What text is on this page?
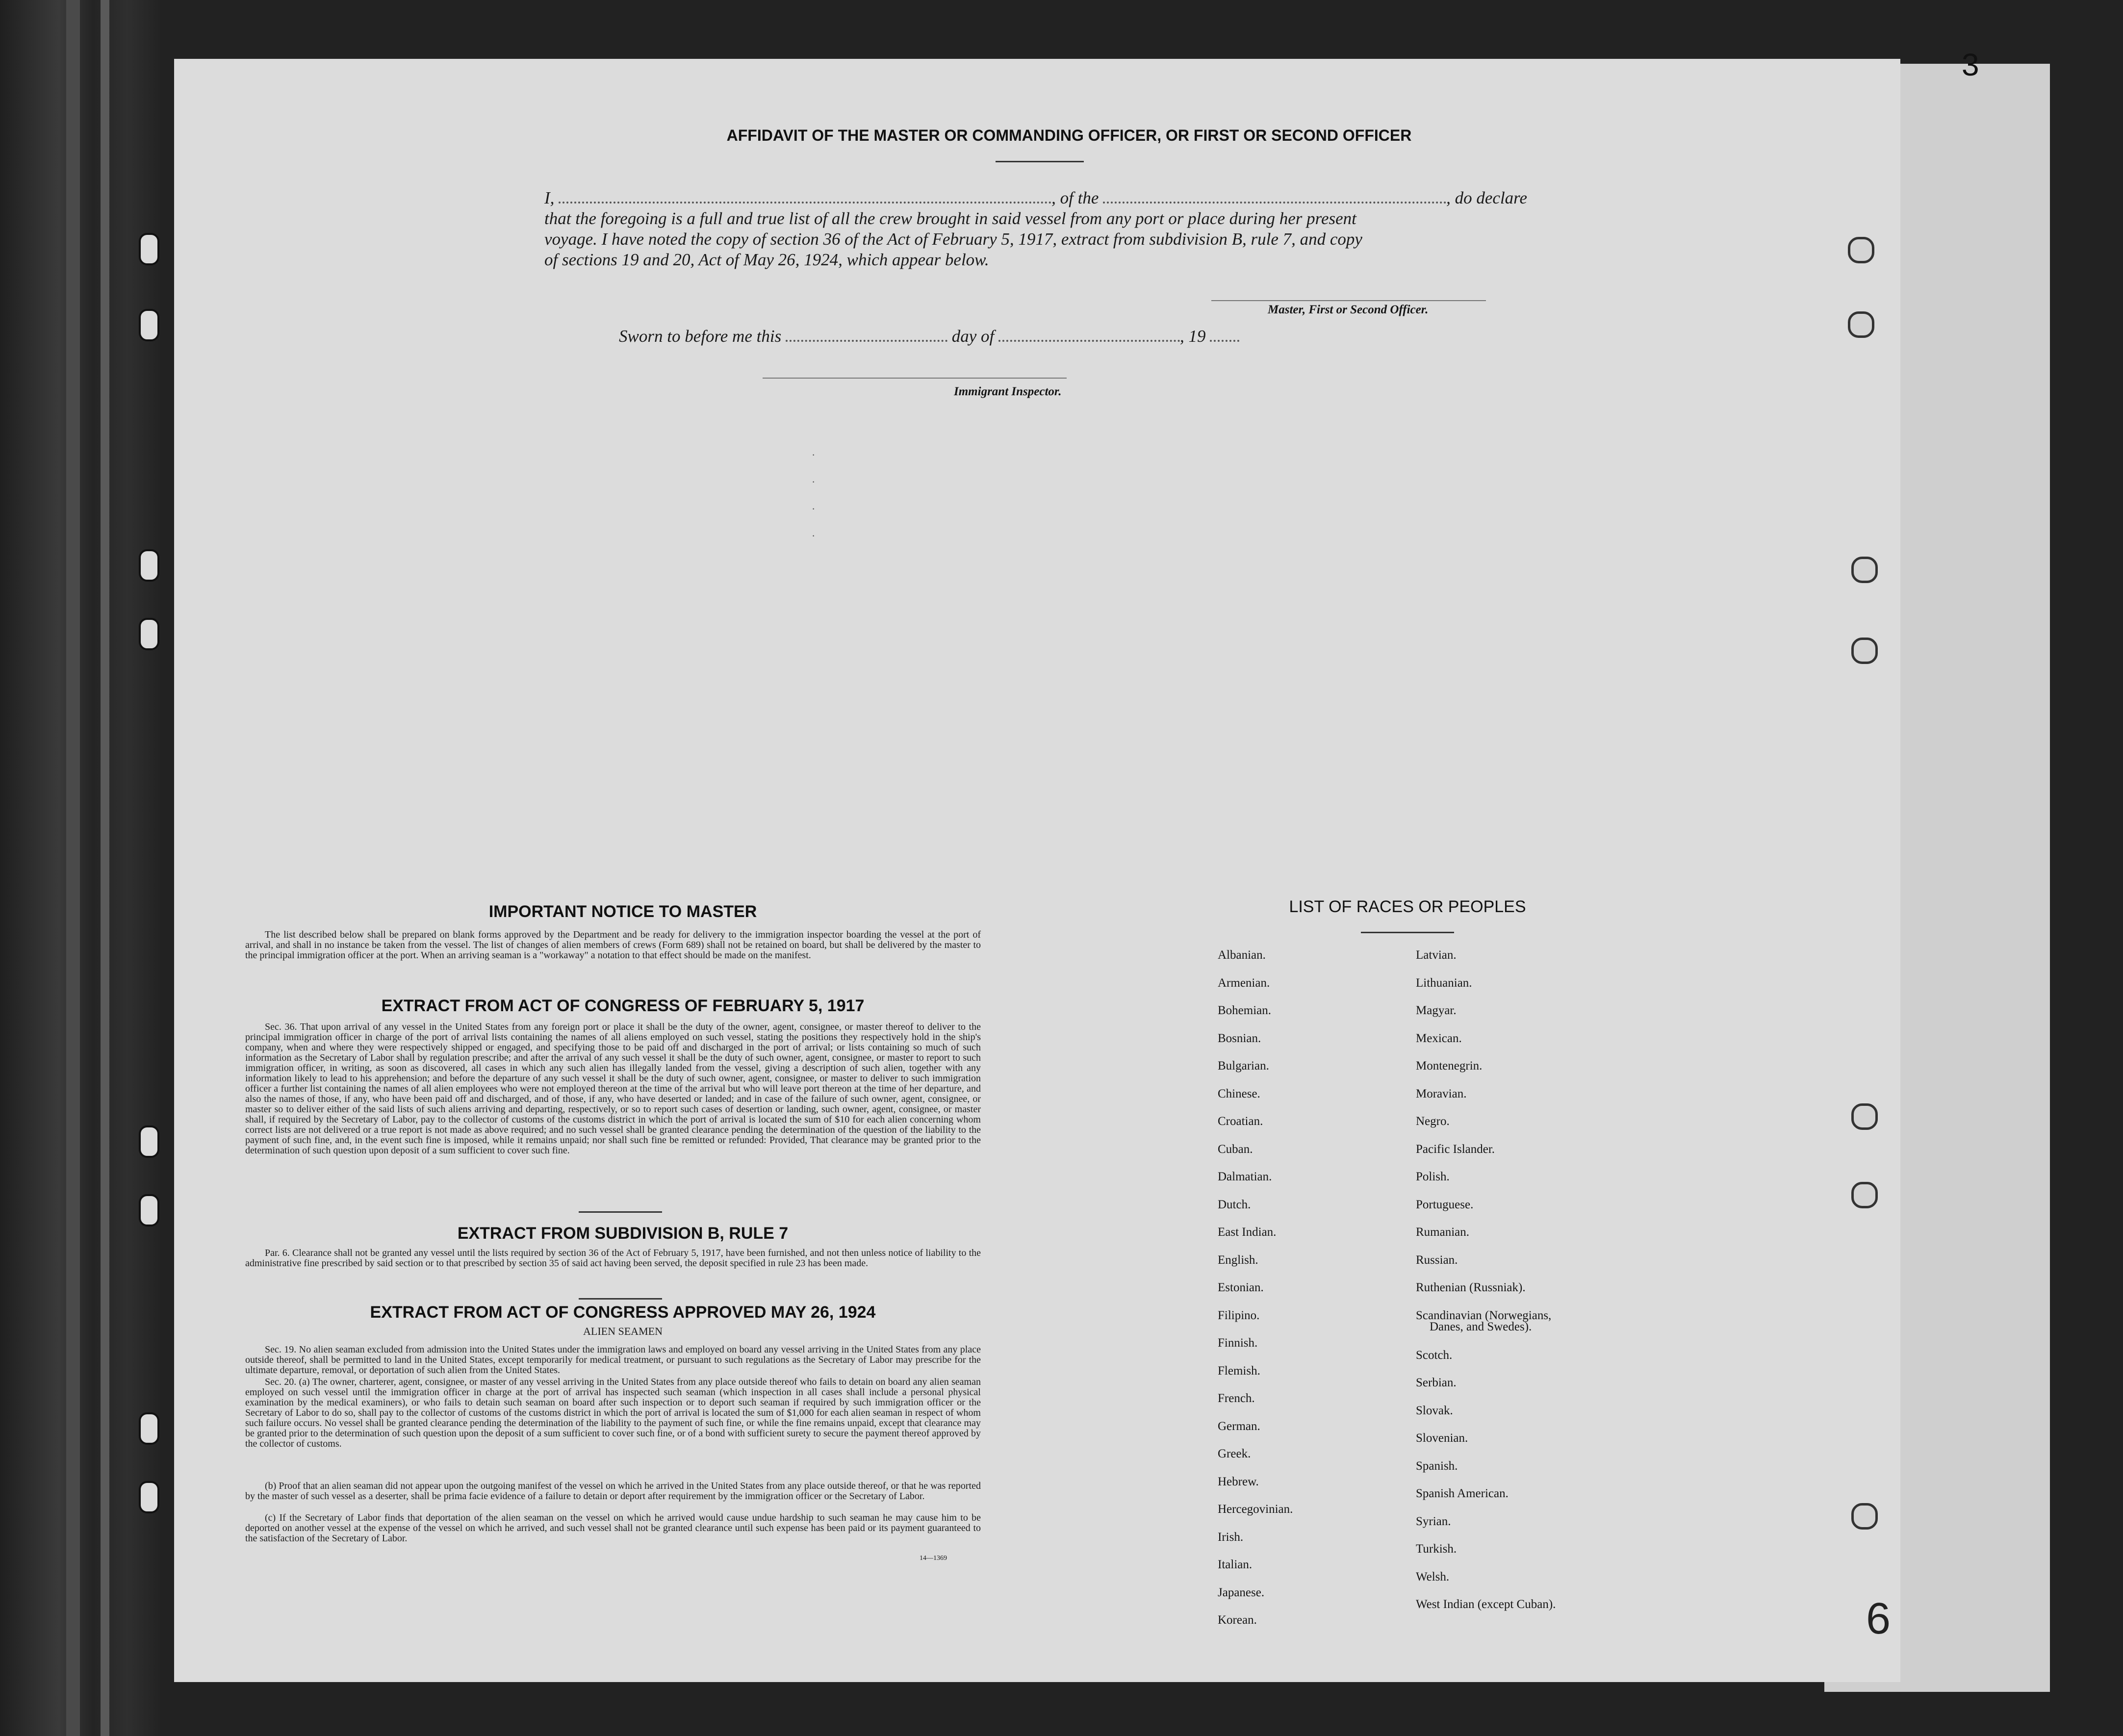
3
AFFIDAVIT OF THE MASTER OR COMMANDING OFFICER, OR FIRST OR SECOND OFFICER
I,	, of the	, do declare
that the foregoing is a full and true list of all the crew brought in said vessel from any port or place during her present
voyage. I have noted the copy of section 36 of the Act of February 5, 1917, extract from subdivision B, rule 7, and copy
of sections 19 and 20, Act of May 26, 1924, which appear below.
Master, First or Second Officer.
Sworn to before me this	day of	, 19
Immigrant Inspector.
·
·
·
·
IMPORTANT NOTICE TO MASTER
The list described below shall be prepared on blank forms approved by the Department and be ready for delivery to the immigration inspector boarding the vessel at the port of arrival, and shall in no instance be taken from the vessel. The list of changes of alien members of crews (Form 689) shall not be retained on board, but shall be delivered by the master to the principal immigration officer at the port. When an arriving seaman is a "workaway" a notation to that effect should be made on the manifest.
EXTRACT FROM ACT OF CONGRESS OF FEBRUARY 5, 1917
Sec. 36. That upon arrival of any vessel in the United States from any foreign port or place it shall be the duty of the owner, agent, consignee, or master thereof to deliver to the principal immigration officer in charge of the port of arrival lists containing the names of all aliens employed on such vessel, stating the positions they respectively hold in the ship's company, when and where they were respectively shipped or engaged, and specifying those to be paid off and discharged in the port of arrival; or lists containing so much of such information as the Secretary of Labor shall by regulation prescribe; and after the arrival of any such vessel it shall be the duty of such owner, agent, consignee, or master to report to such immigration officer, in writing, as soon as discovered, all cases in which any such alien has illegally landed from the vessel, giving a description of such alien, together with any information likely to lead to his apprehension; and before the departure of any such vessel it shall be the duty of such owner, agent, consignee, or master to deliver to such immigration officer a further list containing the names of all alien employees who were not employed thereon at the time of the arrival but who will leave port thereon at the time of her departure, and also the names of those, if any, who have been paid off and discharged, and of those, if any, who have deserted or landed; and in case of the failure of such owner, agent, consignee, or master so to deliver either of the said lists of such aliens arriving and departing, respectively, or so to report such cases of desertion or landing, such owner, agent, consignee, or master shall, if required by the Secretary of Labor, pay to the collector of customs of the customs district in which the port of arrival is located the sum of $10 for each alien concerning whom correct lists are not delivered or a true report is not made as above required; and no such vessel shall be granted clearance pending the determination of the question of the liability to the payment of such fine, and, in the event such fine is imposed, while it remains unpaid; nor shall such fine be remitted or refunded: Provided, That clearance may be granted prior to the determination of such question upon deposit of a sum sufficient to cover such fine.
EXTRACT FROM SUBDIVISION B, RULE 7
Par. 6. Clearance shall not be granted any vessel until the lists required by section 36 of the Act of February 5, 1917, have been furnished, and not then unless notice of liability to the administrative fine prescribed by said section or to that prescribed by section 35 of said act having been served, the deposit specified in rule 23 has been made.
EXTRACT FROM ACT OF CONGRESS APPROVED MAY 26, 1924
ALIEN SEAMEN
Sec. 19. No alien seaman excluded from admission into the United States under the immigration laws and employed on board any vessel arriving in the United States from any place outside thereof, shall be permitted to land in the United States, except temporarily for medical treatment, or pursuant to such regulations as the Secretary of Labor may prescribe for the ultimate departure, removal, or deportation of such alien from the United States.
Sec. 20. (a) The owner, charterer, agent, consignee, or master of any vessel arriving in the United States from any place outside thereof who fails to detain on board any alien seaman employed on such vessel until the immigration officer in charge at the port of arrival has inspected such seaman (which inspection in all cases shall include a personal physical examination by the medical examiners), or who fails to detain such seaman on board after such inspection or to deport such seaman if required by such immigration officer or the Secretary of Labor to do so, shall pay to the collector of customs of the customs district in which the port of arrival is located the sum of $1,000 for each alien seaman in respect of whom such failure occurs. No vessel shall be granted clearance pending the determination of the liability to the payment of such fine, or while the fine remains unpaid, except that clearance may be granted prior to the determination of such question upon the deposit of a sum sufficient to cover such fine, or of a bond with sufficient surety to secure the payment thereof approved by the collector of customs.
(b) Proof that an alien seaman did not appear upon the outgoing manifest of the vessel on which he arrived in the United States from any place outside thereof, or that he was reported by the master of such vessel as a deserter, shall be prima facie evidence of a failure to detain or deport after requirement by the immigration officer or the Secretary of Labor.
(c) If the Secretary of Labor finds that deportation of the alien seaman on the vessel on which he arrived would cause undue hardship to such seaman he may cause him to be deported on another vessel at the expense of the vessel on which he arrived, and such vessel shall not be granted clearance until such expense has been paid or its payment guaranteed to the satisfaction of the Secretary of Labor.
14—1369
LIST OF RACES OR PEOPLES
Albanian.
Armenian.
Bohemian.
Bosnian.
Bulgarian.
Chinese.
Croatian.
Cuban.
Dalmatian.
Dutch.
East Indian.
English.
Estonian.
Filipino.
Finnish.
Flemish.
French.
German.
Greek.
Hebrew.
Hercegovinian.
Irish.
Italian.
Japanese.
Korean.
Latvian.
Lithuanian.
Magyar.
Mexican.
Montenegrin.
Moravian.
Negro.
Pacific Islander.
Polish.
Portuguese.
Rumanian.
Russian.
Ruthenian (Russniak).
Scandinavian (Norwegians,
Danes, and Swedes).
Scotch.
Serbian.
Slovak.
Slovenian.
Spanish.
Spanish American.
Syrian.
Turkish.
Welsh.
West Indian (except Cuban).	6
